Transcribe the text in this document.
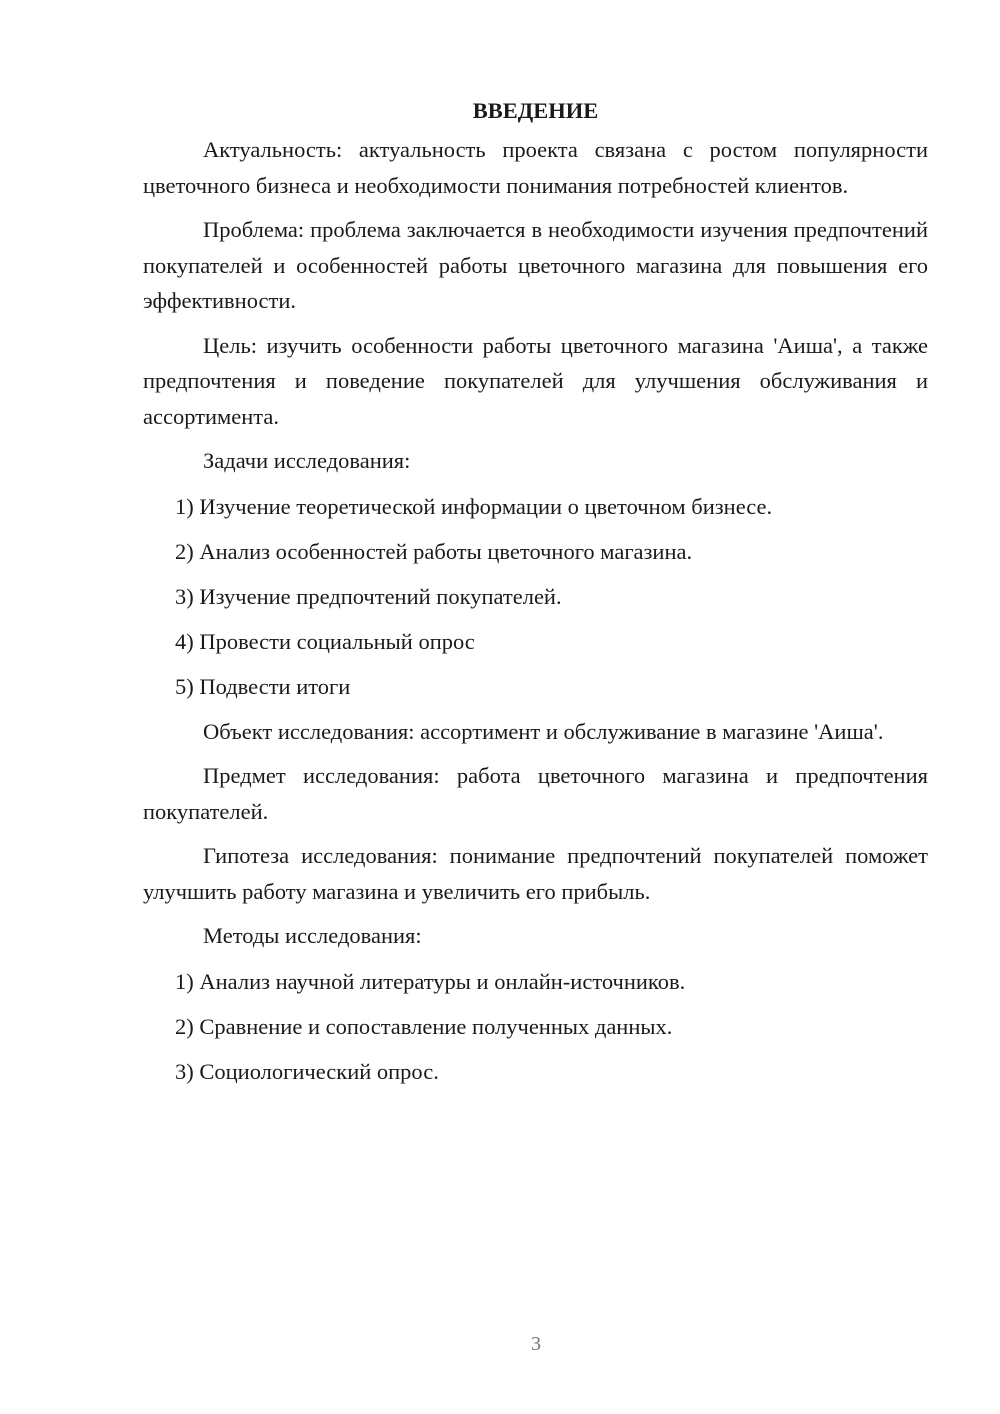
ВВЕДЕНИЕ
Актуальность: актуальность проекта связана с ростом популярности цветочного бизнеса и необходимости понимания потребностей клиентов.
Проблема: проблема заключается в необходимости изучения предпочтений покупателей и особенностей работы цветочного магазина для повышения его эффективности.
Цель: изучить особенности работы цветочного магазина 'Аиша', а также предпочтения и поведение покупателей для улучшения обслуживания и ассортимента.
Задачи исследования:
1) Изучение теоретической информации о цветочном бизнесе.
2) Анализ особенностей работы цветочного магазина.
3) Изучение предпочтений покупателей.
4) Провести социальный опрос
5) Подвести итоги
Объект исследования: ассортимент и обслуживание в магазине 'Аиша'.
Предмет исследования: работа цветочного магазина и предпочтения покупателей.
Гипотеза исследования: понимание предпочтений покупателей поможет улучшить работу магазина и увеличить его прибыль.
Методы исследования:
1) Анализ научной литературы и онлайн-источников.
2) Сравнение и сопоставление полученных данных.
3) Социологический опрос.
3
